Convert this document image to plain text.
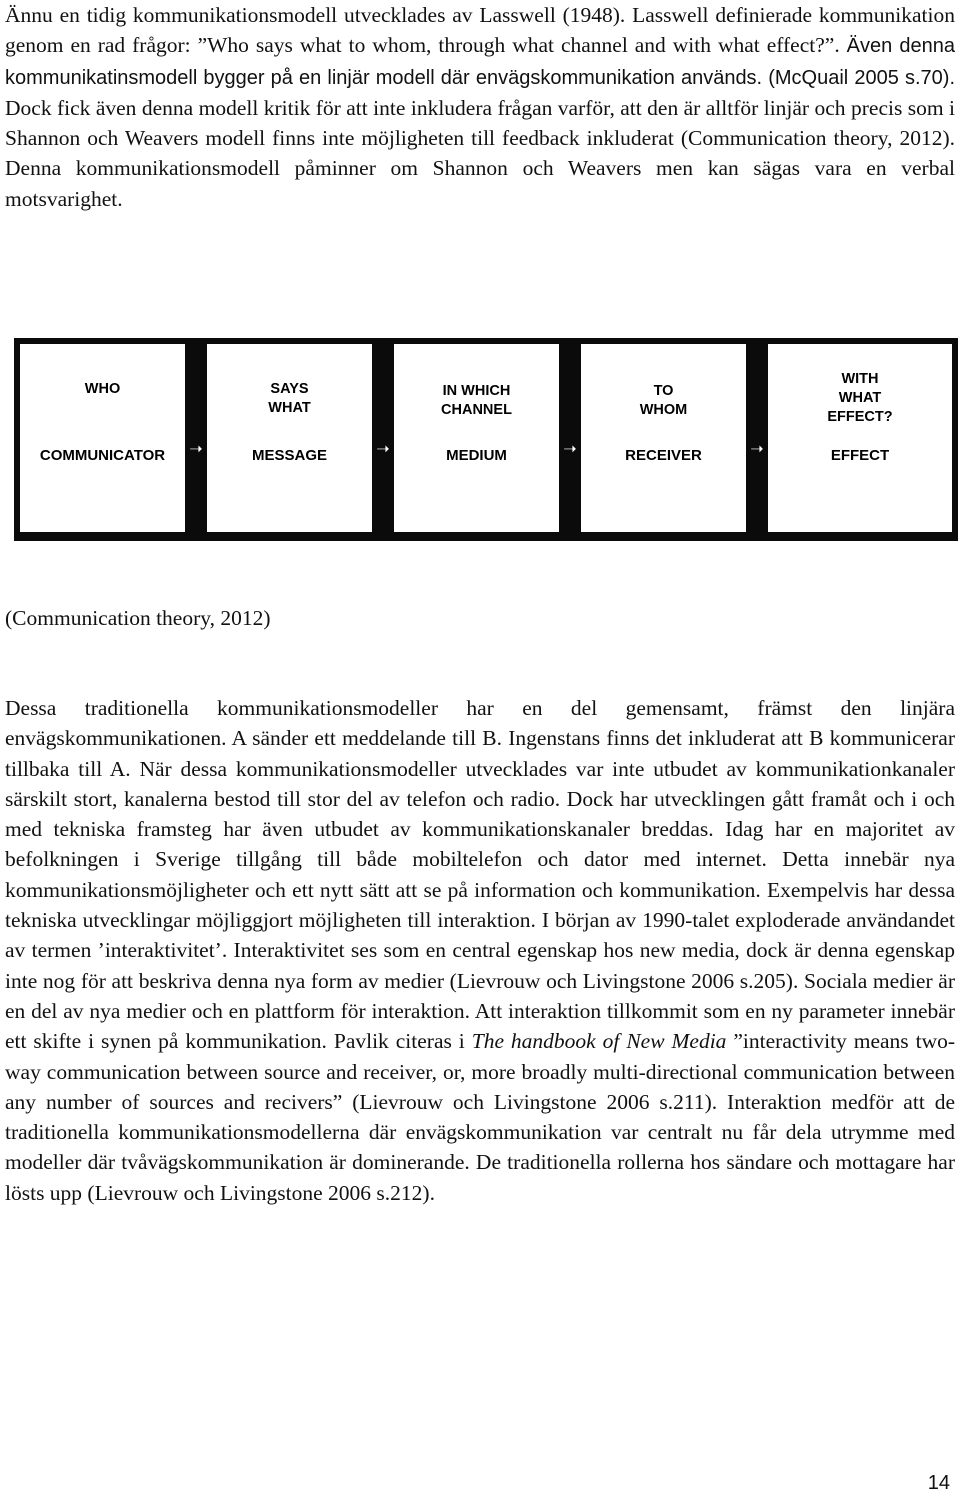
Ännu en tidig kommunikationsmodell utvecklades av Lasswell (1948). Lasswell definierade kommunikation genom en rad frågor: ”Who says what to whom, through what channel and with what effect?”. Även denna kommunikatinsmodell bygger på en linjär modell där envägskommunikation används. (McQuail 2005 s.70). Dock fick även denna modell kritik för att inte inkludera frågan varför, att den är alltför linjär och precis som i Shannon och Weavers modell finns inte möjligheten till feedback inkluderat (Communication theory, 2012). Denna kommunikationsmodell påminner om Shannon och Weavers men kan sägas vara en verbal motsvarighet.

WHO
COMMUNICATOR	➝
SAYS
WHAT
MESSAGE	➝
IN WHICH
CHANNEL
MEDIUM	➝
TO
WHOM
RECEIVER	➝
WITH
WHAT
EFFECT?
EFFECT

(Communication theory, 2012)

Dessa traditionella kommunikationsmodeller har en del gemensamt, främst den linjära envägskommunikationen. A sänder ett meddelande till B. Ingenstans finns det inkluderat att B kommunicerar tillbaka till A. När dessa kommunikationsmodeller utvecklades var inte utbudet av kommunikationkanaler särskilt stort, kanalerna bestod till stor del av telefon och radio. Dock har utvecklingen gått framåt och i och med tekniska framsteg har även utbudet av kommunikationskanaler breddas. Idag har en majoritet av befolkningen i Sverige tillgång till både mobiltelefon och dator med internet. Detta innebär nya kommunikationsmöjligheter och ett nytt sätt att se på information och kommunikation. Exempelvis har dessa tekniska utvecklingar möjliggjort möjligheten till interaktion. I början av 1990-talet exploderade användandet av termen ’interaktivitet’. Interaktivitet ses som en central egenskap hos new media, dock är denna egenskap inte nog för att beskriva denna nya form av medier (Lievrouw och Livingstone 2006 s.205). Sociala medier är en del av nya medier och en plattform för interaktion. Att interaktion tillkommit som en ny parameter innebär ett skifte i synen på kommunikation. Pavlik citeras i The handbook of New Media ”interactivity means two-way communication between source and receiver, or, more broadly multi-directional communication between any number of sources and recivers” (Lievrouw och Livingstone 2006 s.211). Interaktion medför att de traditionella kommunikationsmodellerna där envägskommunikation var centralt nu får dela utrymme med modeller där tvåvägskommunikation är dominerande. De traditionella rollerna hos sändare och mottagare har lösts upp (Lievrouw och Livingstone 2006 s.212).

14
